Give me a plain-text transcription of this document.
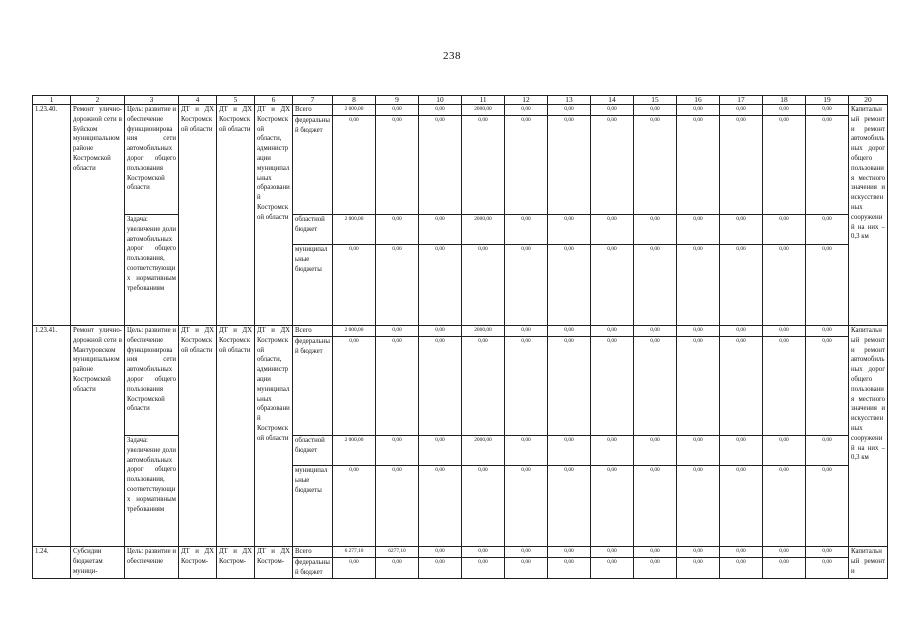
238
1	2	3	4	5	6	7	8	9	10	11	12	13	14	15	16	17	18	19	20
1.23.40.	Ремонт улично-дорожной сети в Буйском муниципальном районе Костромской области	Цель: развитие и обеспечение функционирования сети автомобильных дорог общего пользования Костромской области	ДТ и ДХ Костромской области	ДТ и ДХ Костромской области	ДТ и ДХ Костромской области, администрации муниципальных образований Костромской области	Всего	2 000,00	0,00	0,00	2000,00	0,00	0,00	0,00	0,00	0,00	0,00	0,00	0,00	Капитальный ремонт и ремонт автомобильных дорог общего пользования местного значения и искусственных сооружений на них – 0,3 км
						федеральный бюджет	0,00	0,00	0,00	0,00	0,00	0,00	0,00	0,00	0,00	0,00	0,00	0,00	
		Задача: увеличение доли автомобильных дорог общего пользования, соответствующих нормативным требованиям				областной бюджет	2 000,00	0,00	0,00	2000,00	0,00	0,00	0,00	0,00	0,00	0,00	0,00	0,00	
						муниципальные бюджеты	0,00	0,00	0,00	0,00	0,00	0,00	0,00	0,00	0,00	0,00	0,00	0,00	
1.23.41.	Ремонт улично-дорожной сети в Мантуровском муниципальном районе Костромской области	Цель: развитие и обеспечение функционирования сети автомобильных дорог общего пользования Костромской области	ДТ и ДХ Костромской области	ДТ и ДХ Костромской области	ДТ и ДХ Костромской области, администрации муниципальных образований Костромской области	Всего	2 000,00	0,00	0,00	2000,00	0,00	0,00	0,00	0,00	0,00	0,00	0,00	0,00	Капитальный ремонт и ремонт автомобильных дорог общего пользования местного значения и искусственных сооружений на них – 0,3 км
						федеральный бюджет	0,00	0,00	0,00	0,00	0,00	0,00	0,00	0,00	0,00	0,00	0,00	0,00	
		Задача: увеличение доли автомобильных дорог общего пользования, соответствующих нормативным требованиям				областной бюджет	2 000,00	0,00	0,00	2000,00	0,00	0,00	0,00	0,00	0,00	0,00	0,00	0,00	
						муниципальные бюджеты	0,00	0,00	0,00	0,00	0,00	0,00	0,00	0,00	0,00	0,00	0,00	0,00	
1.24.	Субсидии бюджетам муници-	Цель: развитие и обеспечение	ДТ и ДХ Костром-	ДТ и ДХ Костром-	ДТ и ДХ Костром-	Всего	6 277,10	6277,10	0,00	0,00	0,00	0,00	0,00	0,00	0,00	0,00	0,00	0,00	Капитальный ремонт и
						федеральный бюджет	0,00	0,00	0,00	0,00	0,00	0,00	0,00	0,00	0,00	0,00	0,00	0,00	
